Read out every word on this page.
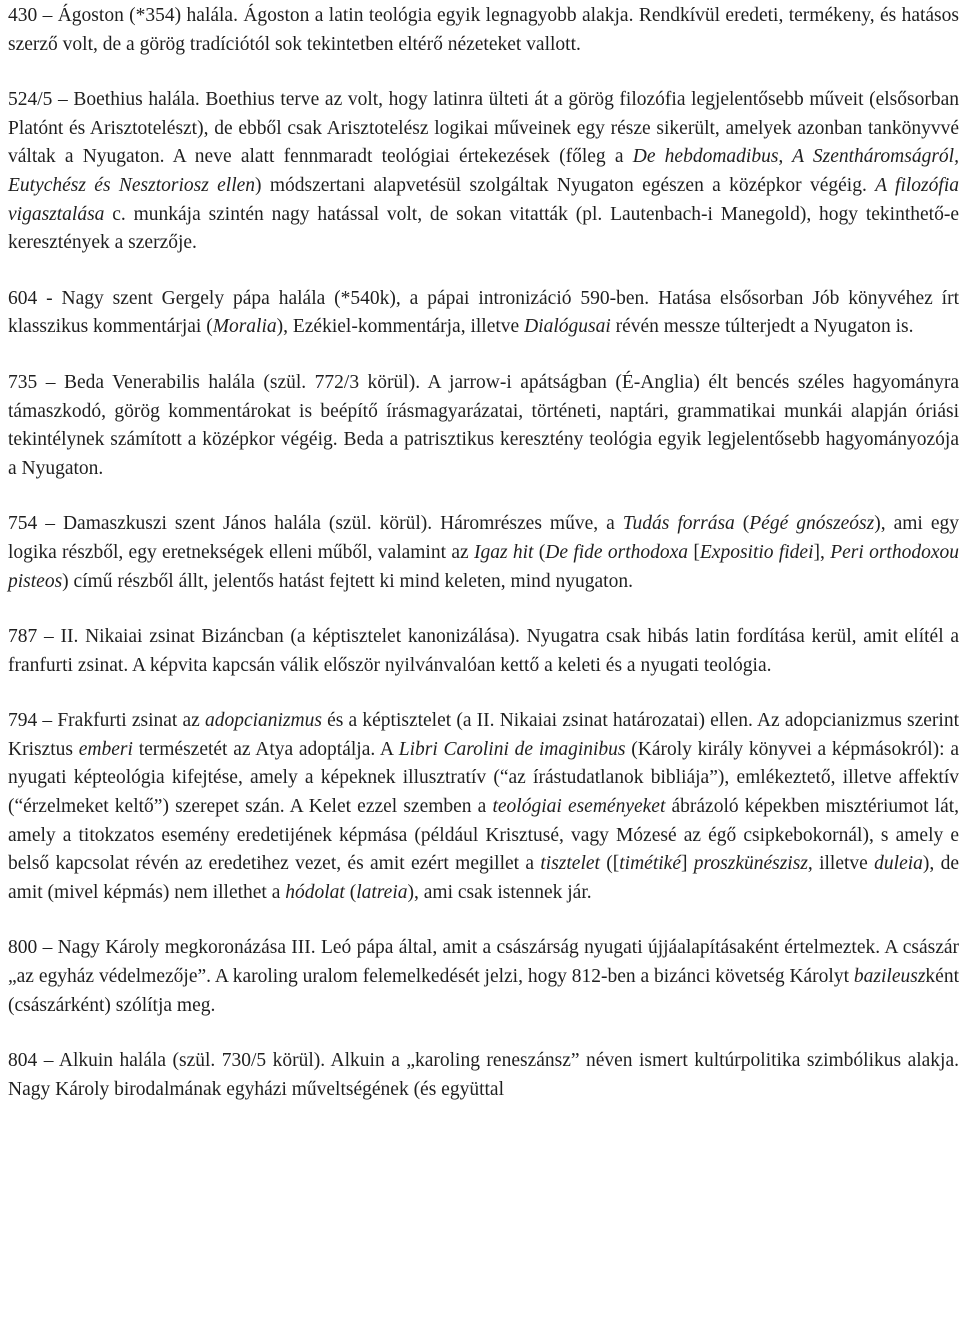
430 – Ágoston (*354) halála. Ágoston a latin teológia egyik legnagyobb alakja. Rendkívül eredeti, termékeny, és hatásos szerző volt, de a görög tradíciótól sok tekintetben eltérő nézeteket vallott.

524/5 – Boethius halála. Boethius terve az volt, hogy latinra ülteti át a görög filozófia legjelentősebb műveit (elsősorban Platónt és Arisztotelészt), de ebből csak Arisztotelész logikai műveinek egy része sikerült, amelyek azonban tankönyvvé váltak a Nyugaton. A neve alatt fennmaradt teológiai értekezések (főleg a De hebdomadibus, A Szentháromságról, Eutychész és Nesztoriosz ellen) módszertani alapvetésül szolgáltak Nyugaton egészen a középkor végéig. A filozófia vigasztalása c. munkája szintén nagy hatással volt, de sokan vitatták (pl. Lautenbach-i Manegold), hogy tekinthető-e keresztények a szerzője.

604 - Nagy szent Gergely pápa halála (*540k), a pápai intronizáció 590-ben. Hatása elsősorban Jób könyvéhez írt klasszikus kommentárjai (Moralia), Ezékiel-kommentárja, illetve Dialógusai révén messze túlterjedt a Nyugaton is.

735 – Beda Venerabilis halála (szül. 772/3 körül). A jarrow-i apátságban (É-Anglia) élt bencés széles hagyományra támaszkodó, görög kommentárokat is beépítő írásmagyarázatai, történeti, naptári, grammatikai munkái alapján óriási tekintélynek számított a középkor végéig. Beda a patrisztikus keresztény teológia egyik legjelentősebb hagyományozója a Nyugaton.

754 – Damaszkuszi szent János halála (szül. körül). Háromrészes műve, a Tudás forrása (Pégé gnószeósz), ami egy logika részből, egy eretnekségek elleni műből, valamint az Igaz hit (De fide orthodoxa [Expositio fidei], Peri orthodoxou pisteos) című részből állt, jelentős hatást fejtett ki mind keleten, mind nyugaton.

787 – II. Nikaiai zsinat Bizáncban (a képtisztelet kanonizálása). Nyugatra csak hibás latin fordítása kerül, amit elítél a franfurti zsinat. A képvita kapcsán válik először nyilvánvalóan kettő a keleti és a nyugati teológia.

794 – Frakfurti zsinat az adopcianizmus és a képtisztelet (a II. Nikaiai zsinat határozatai) ellen. Az adopcianizmus szerint Krisztus emberi természetét az Atya adoptálja. A Libri Carolini de imaginibus (Károly király könyvei a képmásokról): a nyugati képteológia kifejtése, amely a képeknek illusztratív (“az írástudatlanok bibliája”), emlékeztető, illetve affektív (“érzelmeket keltő”) szerepet szán. A Kelet ezzel szemben a teológiai eseményeket ábrázoló képekben misztériumot lát, amely a titokzatos esemény eredetijének képmása (például Krisztusé, vagy Mózesé az égő csipkebokornál), s amely e belső kapcsolat révén az eredetihez vezet, és amit ezért megillet a tisztelet ([timétiké] proszkünészisz, illetve duleia), de amit (mivel képmás) nem illethet a hódolat (latreia), ami csak istennek jár.

800 – Nagy Károly megkoronázása III. Leó pápa által, amit a császárság nyugati újjáalapításaként értelmeztek. A császár „az egyház védelmezője”. A karoling uralom felemelkedését jelzi, hogy 812-ben a bizánci követség Károlyt bazileuszként (császárként) szólítja meg.

804 – Alkuin halála (szül. 730/5 körül). Alkuin a „karoling reneszánsz” néven ismert kultúrpolitika szimbólikus alakja. Nagy Károly birodalmának egyházi műveltségének (és együttal
